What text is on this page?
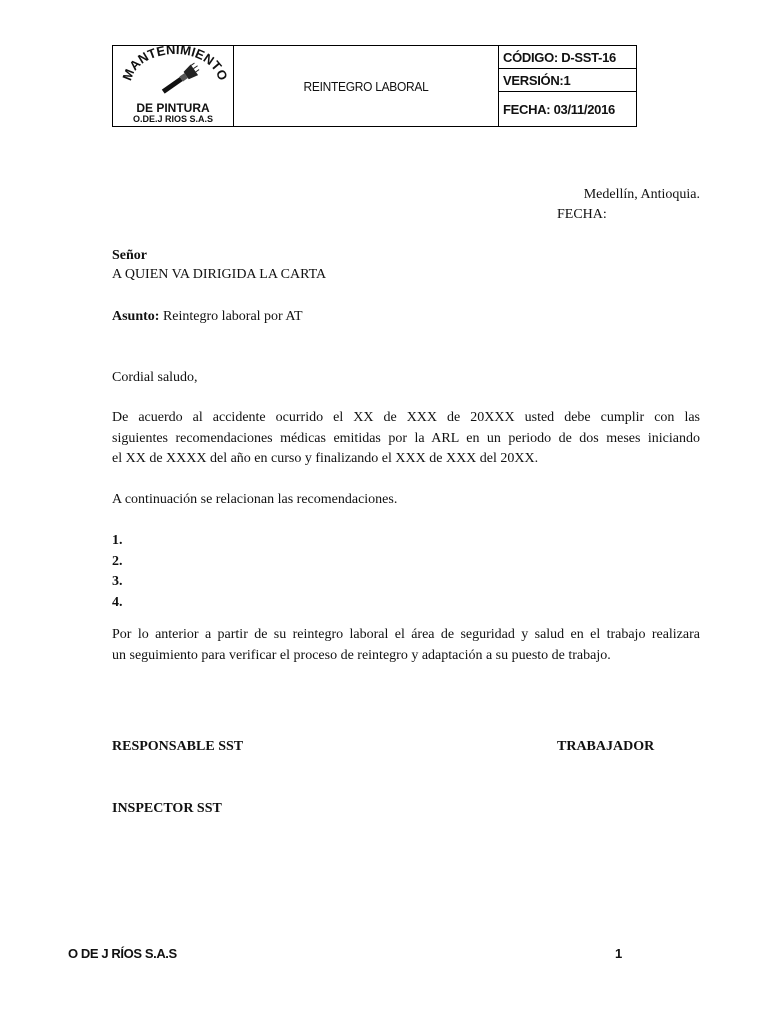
MANTENIMIENTO
DE PINTURA
O.DE.J RIOS S.A.S
REINTEGRO LABORAL
CÓDIGO: D-SST-16
VERSIÓN:1
FECHA: 03/11/2016
Medellín, Antioquia.
FECHA:
Señor
A QUIEN VA DIRIGIDA LA CARTA
Asunto: Reintegro laboral por AT
Cordial saludo,
De acuerdo al accidente ocurrido el XX de XXX de 20XXX usted debe cumplir con las
siguientes recomendaciones médicas emitidas por la ARL en un periodo de dos meses iniciando
el XX de XXXX del año en curso y finalizando el XXX de XXX del 20XX.
A continuación se relacionan las recomendaciones.
1.
2.
3.
4.
Por lo anterior a partir de su reintegro laboral el área de seguridad y salud en el trabajo realizara
un seguimiento para verificar el proceso de reintegro y adaptación a su puesto de trabajo.
RESPONSABLE SST	TRABAJADOR
INSPECTOR SST
O DE J RÍOS S.A.S	1
